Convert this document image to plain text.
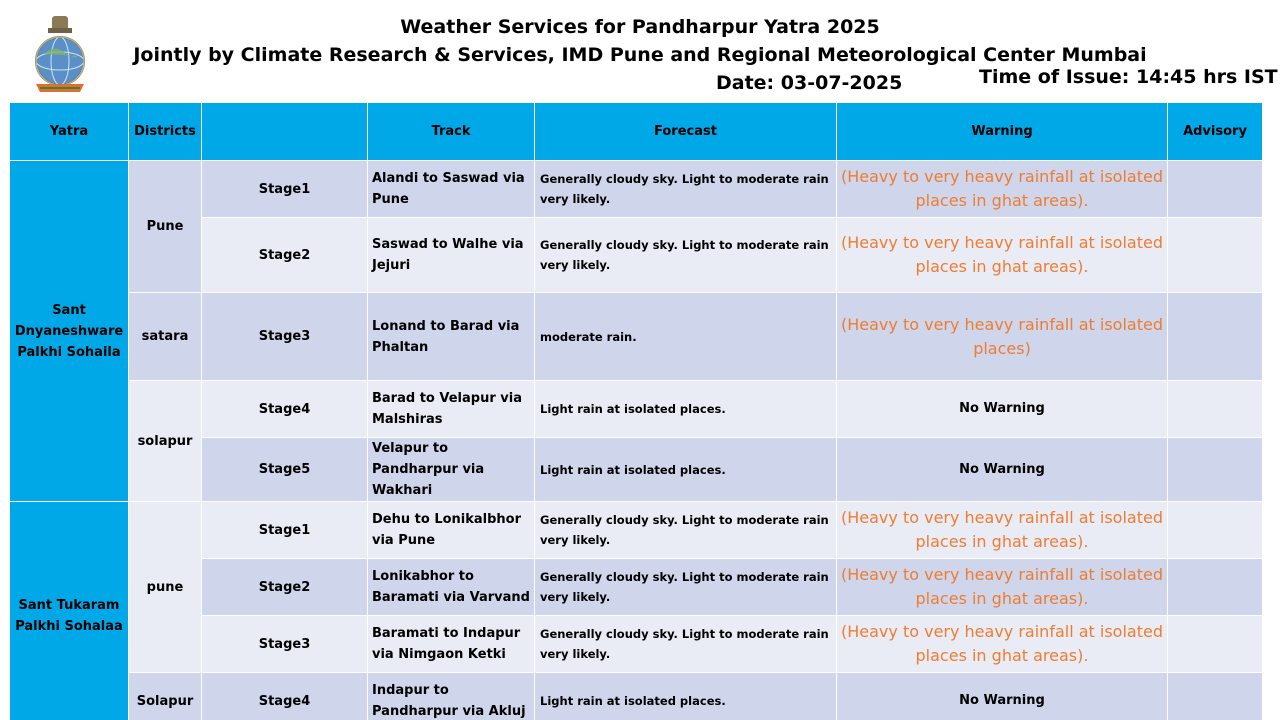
Weather Services for Pandharpur Yatra 2025
Jointly by Climate Research & Services, IMD Pune and Regional Meteorological Center Mumbai
Date: 03-07-2025	Time of Issue: 14:45 hrs IST
Yatra	Districts		Track	Forecast	Warning	Advisory
Sant Dnyaneshware Palkhi Sohaila	Pune	Stage1	Alandi to Saswad via Pune	Generally cloudy sky. Light to moderate rain very likely.	(Heavy to very heavy rainfall at isolated places in ghat areas).	
		Stage2	Saswad to Walhe via Jejuri	Generally cloudy sky. Light to moderate rain very likely.	(Heavy to very heavy rainfall at isolated places in ghat areas).	
	satara	Stage3	Lonand to Barad via Phaltan	moderate rain.	(Heavy to very heavy rainfall at isolated places)	
	solapur	Stage4	Barad to Velapur via Malshiras	Light rain at isolated places.	No Warning	
		Stage5	Velapur to Pandharpur via Wakhari	Light rain at isolated places.	No Warning	
Sant Tukaram Palkhi Sohalaa	pune	Stage1	Dehu to Lonikalbhor via Pune	Generally cloudy sky. Light to moderate rain very likely.	(Heavy to very heavy rainfall at isolated places in ghat areas).	
		Stage2	Lonikabhor to Baramati via Varvand	Generally cloudy sky. Light to moderate rain very likely.	(Heavy to very heavy rainfall at isolated places in ghat areas).	
		Stage3	Baramati to Indapur via Nimgaon Ketki	Generally cloudy sky. Light to moderate rain very likely.	(Heavy to very heavy rainfall at isolated places in ghat areas).	
	Solapur	Stage4	Indapur to Pandharpur via Akluj	Light rain at isolated places.	No Warning	
